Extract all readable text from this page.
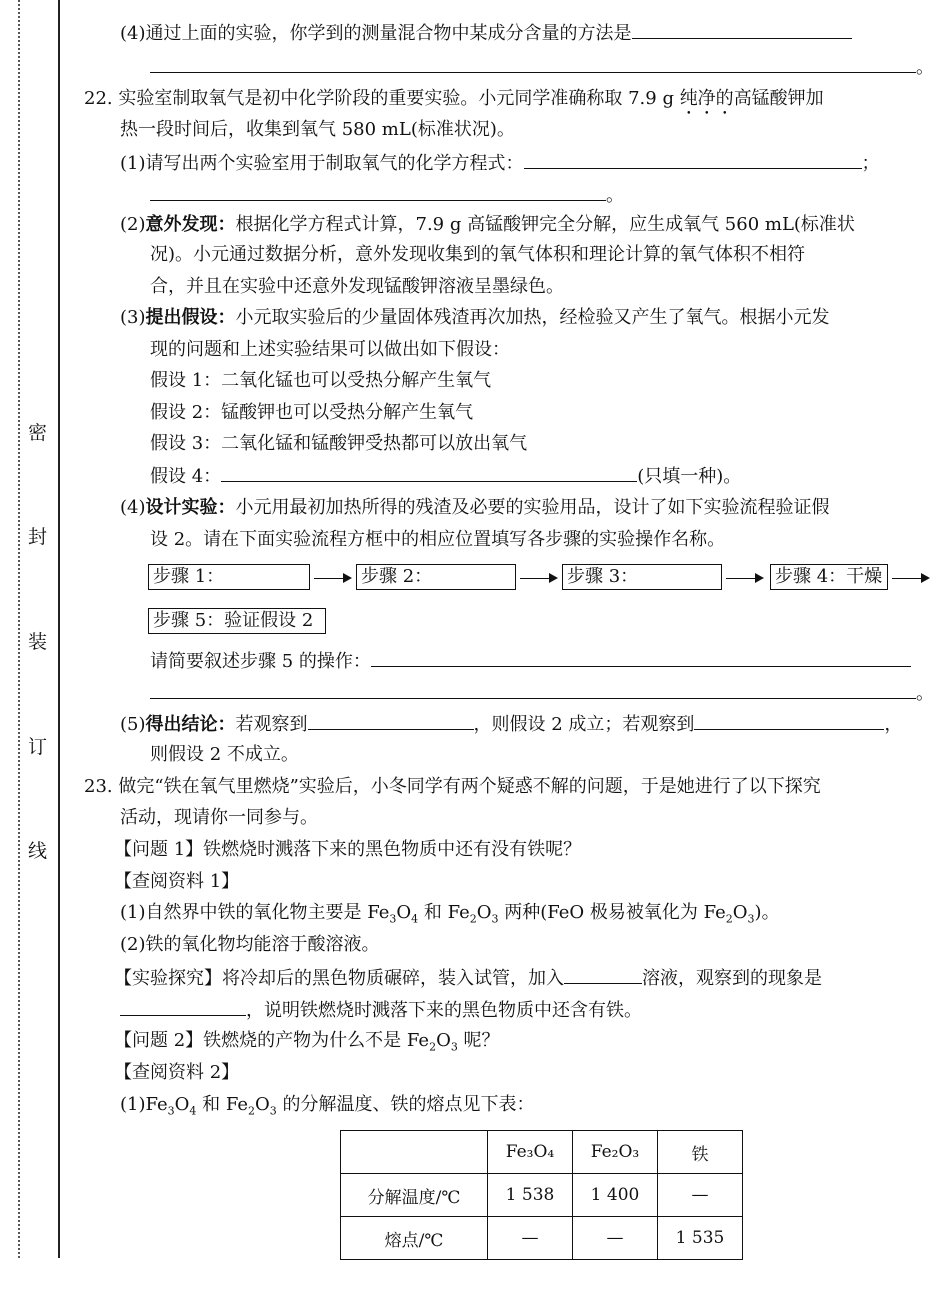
密
封
装
订
线
(4)通过上面的实验，你学到的测量混合物中某成分含量的方法是
。
22. 实验室制取氧气是初中化学阶段的重要实验。小元同学准确称取 7.9 g 纯净的高锰酸钾加
热一段时间后，收集到氧气 580 mL(标准状况)。
(1)请写出两个实验室用于制取氧气的化学方程式：	；
。
(2)意外发现：根据化学方程式计算，7.9 g 高锰酸钾完全分解，应生成氧气 560 mL(标准状
况)。小元通过数据分析，意外发现收集到的氧气体积和理论计算的氧气体积不相符
合，并且在实验中还意外发现锰酸钾溶液呈墨绿色。
(3)提出假设：小元取实验后的少量固体残渣再次加热，经检验又产生了氧气。根据小元发
现的问题和上述实验结果可以做出如下假设：
假设 1：二氧化锰也可以受热分解产生氧气
假设 2：锰酸钾也可以受热分解产生氧气
假设 3：二氧化锰和锰酸钾受热都可以放出氧气
假设 4：	(只填一种)。
(4)设计实验：小元用最初加热所得的残渣及必要的实验用品，设计了如下实验流程验证假
设 2。请在下面实验流程方框中的相应位置填写各步骤的实验操作名称。
步骤 1：	步骤 2：	步骤 3：	步骤 4：干燥
步骤 5：验证假设 2
请简要叙述步骤 5 的操作：
。
(5)得出结论：若观察到	，则假设 2 成立；若观察到	，
则假设 2 不成立。
23. 做完“铁在氧气里燃烧”实验后，小冬同学有两个疑惑不解的问题，于是她进行了以下探究
活动，现请你一同参与。
【问题 1】铁燃烧时溅落下来的黑色物质中还有没有铁呢？
【查阅资料 1】
(1)自然界中铁的氧化物主要是 $Fe_3O_4$ 和 $Fe_2O_3$ 两种(FeO 极易被氧化为 $Fe_2O_3$)。
(2)铁的氧化物均能溶于酸溶液。
【实验探究】将冷却后的黑色物质碾碎，装入试管，加入	溶液，观察到的现象是
，说明铁燃烧时溅落下来的黑色物质中还含有铁。
【问题 2】铁燃烧的产物为什么不是 $Fe_2O_3$ 呢？
【查阅资料 2】
$(1)Fe_3O_4$ 和 $Fe_2O_3$ 的分解温度、铁的熔点见下表：
	Fe₃O₄	Fe₂O₃	铁
分解温度/℃	1 538	1 400	—
熔点/℃	—	—	1 535
